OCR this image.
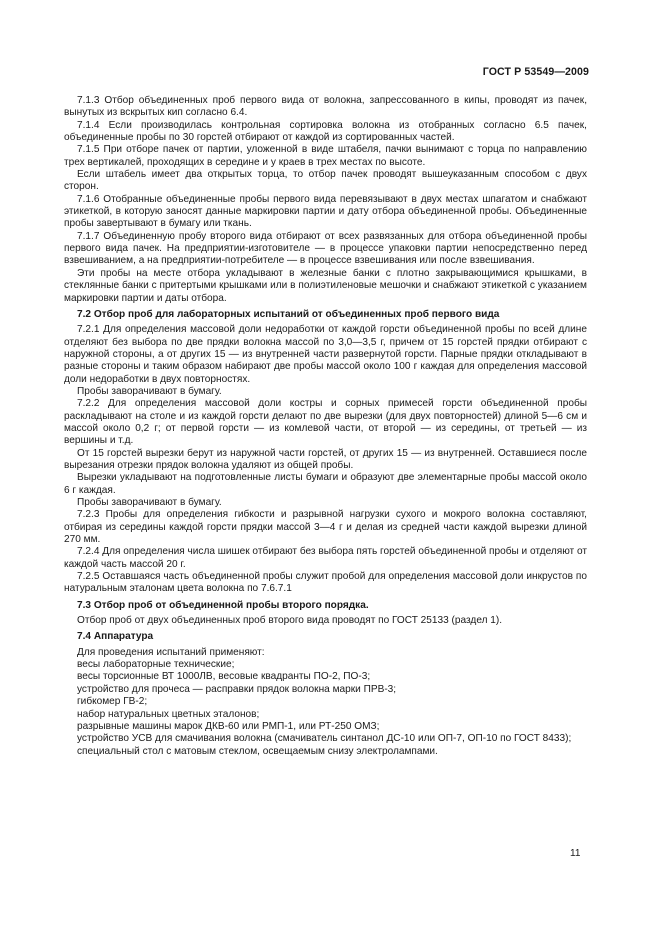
ГОСТ Р 53549—2009

7.1.3 Отбор объединенных проб первого вида от волокна, запрессованного в кипы, проводят из пачек, вынутых из вскрытых кип согласно 6.4.

7.1.4 Если производилась контрольная сортировка волокна из отобранных согласно 6.5 пачек, объединенные пробы по 30 горстей отбирают от каждой из сортированных частей.

7.1.5 При отборе пачек от партии, уложенной в виде штабеля, пачки вынимают с торца по направлению трех вертикалей, проходящих в середине и у краев в трех местах по высоте.

Если штабель имеет два открытых торца, то отбор пачек проводят вышеуказанным способом с двух сторон.

7.1.6 Отобранные объединенные пробы первого вида перевязывают в двух местах шпагатом и снабжают этикеткой, в которую заносят данные маркировки партии и дату отбора объединенной пробы. Объединенные пробы завертывают в бумагу или ткань.

7.1.7 Объединенную пробу второго вида отбирают от всех развязанных для отбора объединенной пробы первого вида пачек. На предприятии-изготовителе — в процессе упаковки партии непосредственно перед взвешиванием, а на предприятии-потребителе — в процессе взвешивания или после взвешивания.

Эти пробы на месте отбора укладывают в железные банки с плотно закрывающимися крышками, в стеклянные банки с притертыми крышками или в полиэтиленовые мешочки и снабжают этикеткой с указанием маркировки партии и даты отбора.

7.2 Отбор проб для лабораторных испытаний от объединенных проб первого вида

7.2.1 Для определения массовой доли недоработки от каждой горсти объединенной пробы по всей длине отделяют без выбора по две прядки волокна массой по 3,0—3,5 г, причем от 15 горстей прядки отбирают с наружной стороны, а от других 15 — из внутренней части развернутой горсти. Парные прядки откладывают в разные стороны и таким образом набирают две пробы массой около 100 г каждая для определения массовой доли недоработки в двух повторностях.

Пробы заворачивают в бумагу.

7.2.2 Для определения массовой доли костры и сорных примесей горсти объединенной пробы раскладывают на столе и из каждой горсти делают по две вырезки (для двух повторностей) длиной 5—6 см и массой около 0,2 г; от первой горсти — из комлевой части, от второй — из середины, от третьей — из вершины и т.д.

От 15 горстей вырезки берут из наружной части горстей, от других 15 — из внутренней. Оставшиеся после вырезания отрезки прядок волокна удаляют из общей пробы.

Вырезки укладывают на подготовленные листы бумаги и образуют две элементарные пробы массой около 6 г каждая.

Пробы заворачивают в бумагу.

7.2.3 Пробы для определения гибкости и разрывной нагрузки сухого и мокрого волокна составляют, отбирая из середины каждой горсти прядки массой 3—4 г и делая из средней части каждой вырезки длиной 270 мм.

7.2.4 Для определения числа шишек отбирают без выбора пять горстей объединенной пробы и отделяют от каждой часть массой 20 г.

7.2.5 Оставшаяся часть объединенной пробы служит пробой для определения массовой доли инкрустов по натуральным эталонам цвета волокна по 7.6.7.1

7.3 Отбор проб от объединенной пробы второго порядка.

Отбор проб от двух объединенных проб второго вида проводят по ГОСТ 25133 (раздел 1).

7.4 Аппаратура

Для проведения испытаний применяют:

весы лабораторные технические;

весы торсионные ВТ 1000ЛВ, весовые квадранты ПО-2, ПО-3;

устройство для прочеса — расправки прядок волокна марки ПРВ-3;

гибкомер ГВ-2;

набор натуральных цветных эталонов;

разрывные машины марок ДКВ-60 или РМП-1, или РТ-250 ОМЗ;

устройство УСВ для смачивания волокна (смачиватель синтанол ДС-10 или ОП-7, ОП-10 по ГОСТ 8433);

специальный стол с матовым стеклом, освещаемым снизу электролампами.

11
